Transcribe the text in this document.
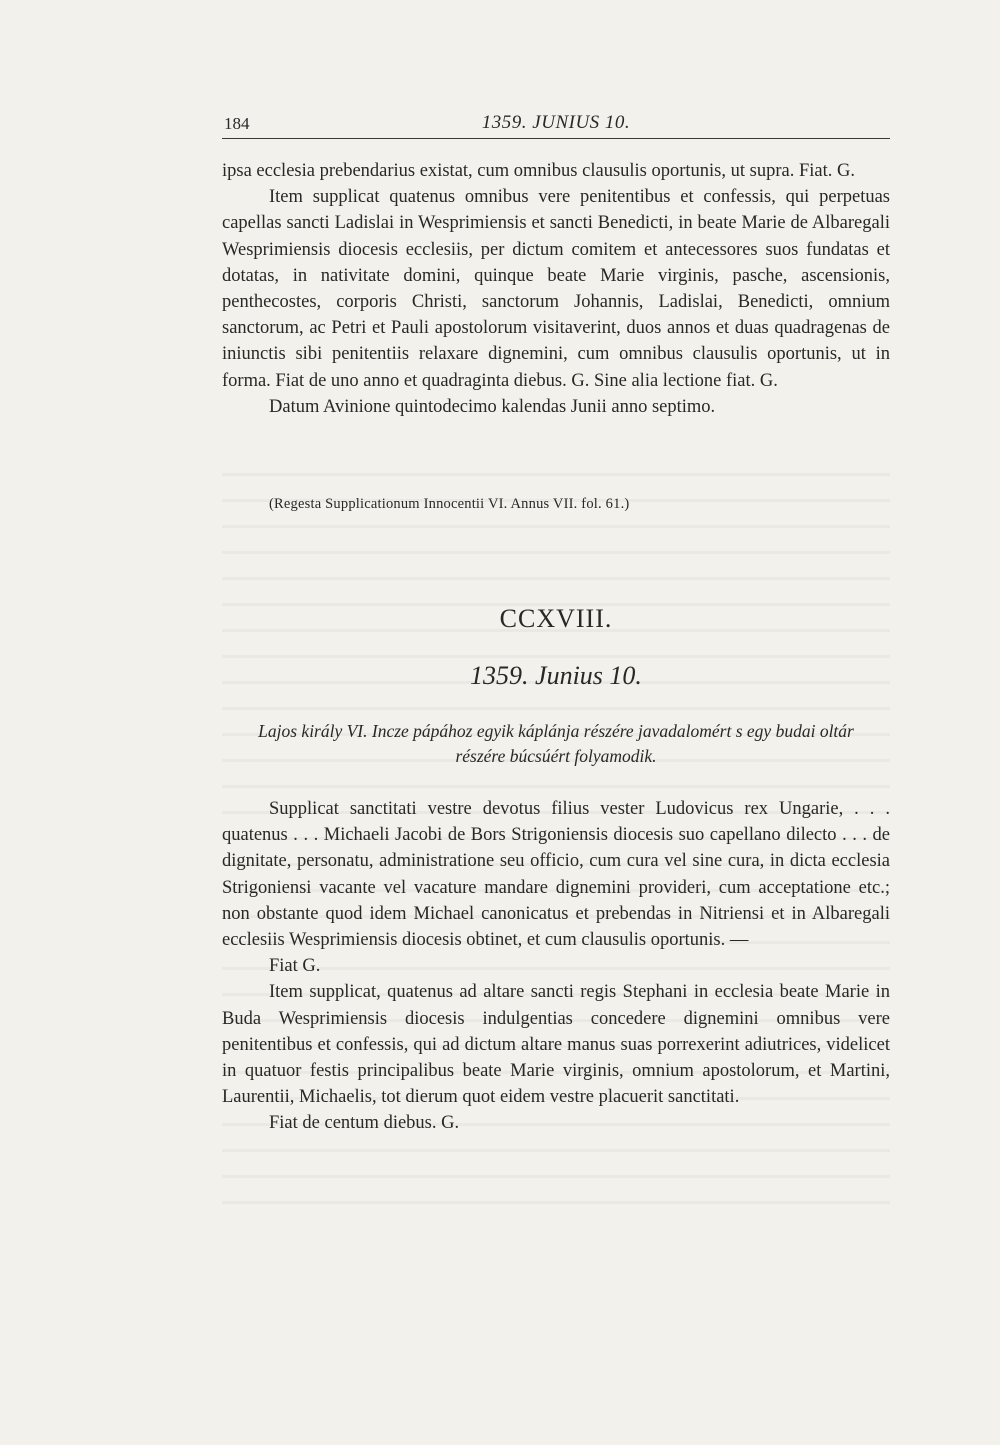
184	1359. JUNIUS 10.

ipsa ecclesia prebendarius existat, cum omnibus clausulis oportunis, ut supra. Fiat. G.

Item supplicat quatenus omnibus vere penitentibus et confessis, qui perpetuas capellas sancti Ladislai in Wesprimiensis et sancti Benedicti, in beate Marie de Albaregali Wesprimiensis diocesis ecclesiis, per dictum comitem et antecessores suos fundatas et dotatas, in nativitate domini, quinque beate Marie virginis, pasche, ascensionis, penthecostes, corporis Christi, sanctorum Johannis, Ladislai, Benedicti, omnium sanctorum, ac Petri et Pauli apostolorum visitaverint, duos annos et duas quadragenas de iniunctis sibi penitentiis relaxare dignemini, cum omnibus clausulis oportunis, ut in forma. Fiat de uno anno et quadraginta diebus. G. Sine alia lectione fiat. G.

Datum Avinione quintodecimo kalendas Junii anno septimo.

(Regesta Supplicationum Innocentii VI. Annus VII. fol. 61.)
CCXVIII.
1359. Junius 10.
Lajos király VI. Incze pápához egyik káplánja részére javadalomért s egy budai oltár
részére búcsúért folyamodik.

Supplicat sanctitati vestre devotus filius vester Ludovicus rex Ungarie, . . . quatenus . . . Michaeli Jacobi de Bors Strigoniensis diocesis suo capellano dilecto . . . de dignitate, personatu, administratione seu officio, cum cura vel sine cura, in dicta ecclesia Strigoniensi vacante vel vacature mandare dignemini provideri, cum acceptatione etc.; non obstante quod idem Michael canonicatus et prebendas in Nitriensi et in Albaregali ecclesiis Wesprimiensis diocesis obtinet, et cum clausulis oportunis. —

Fiat G.

Item supplicat, quatenus ad altare sancti regis Stephani in ecclesia beate Marie in Buda Wesprimiensis diocesis indulgentias concedere dignemini omnibus vere penitentibus et confessis, qui ad dictum altare manus suas porrexerint adiutrices, videlicet in quatuor festis principalibus beate Marie virginis, omnium apostolorum, et Martini, Laurentii, Michaelis, tot dierum quot eidem vestre placuerit sanctitati.

Fiat de centum diebus. G.
